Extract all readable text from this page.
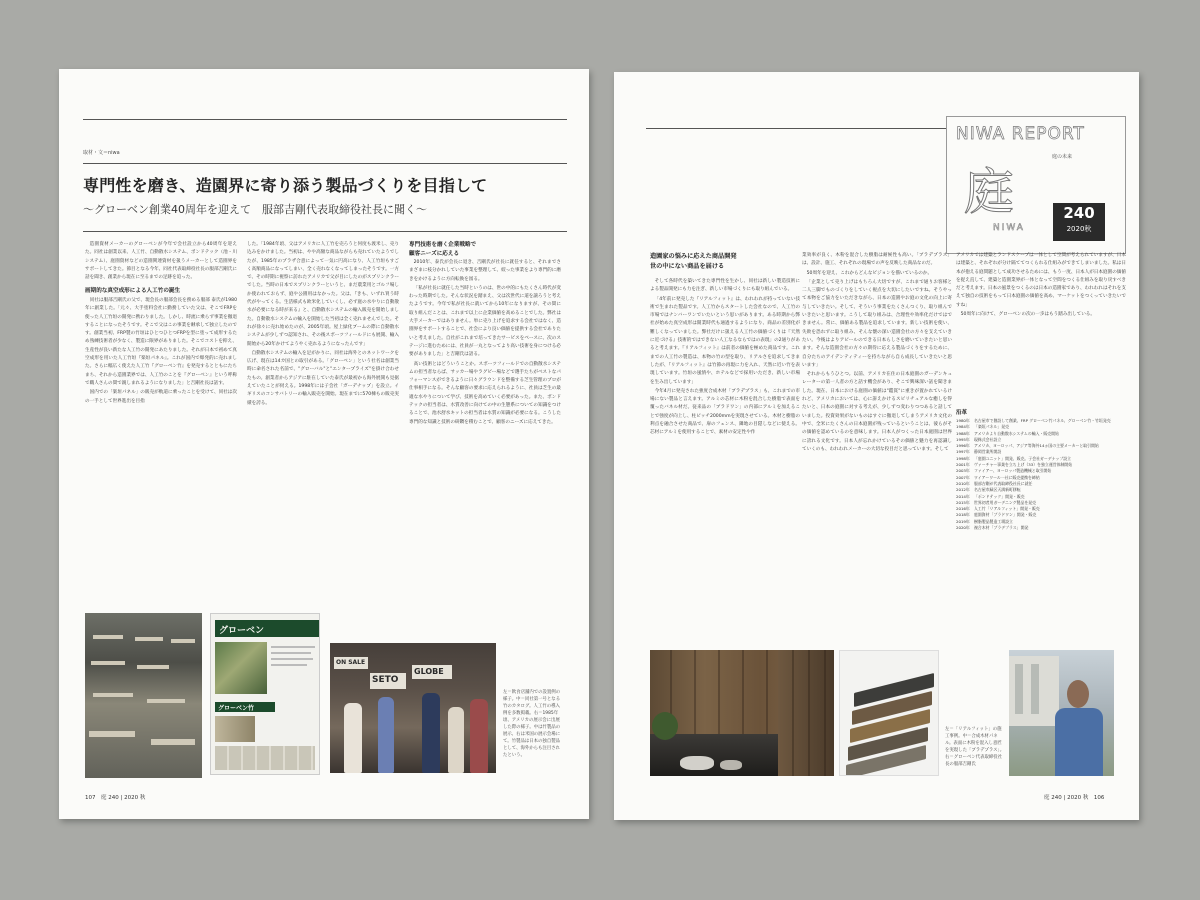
取材・文＝niwa
専門性を磨き、造園界に寄り添う製品づくりを目指して
〜グローベン創業40周年を迎えて　服部吉剛代表取締役社長に聞く〜

造園資材メーカーのグローベンが今年で会社設立から40周年を迎えた。同社は創業以来、人工竹、自動散水システム、ポンドテック（池・川システム）、庭園資材などの造園関連資材を扱うメーカーとして造園界をサポートしてきた。節目となる今年、同社代表取締役社長の服部吉剛氏に話を聞き、創業から現在に至るまでの足跡を追った。

画期的な真空成形による人工竹の誕生

同社は服部吉剛氏の父で、現会長の服部会長を務める服部 泰氏が1980年に創業した。「元々、大手塗料会社に勤務していた父は、そこでFRPを使った人工竹垣の開発に携わりました。しかし、時流に乗らず事業を撤退することになったそうです。そこで父はこの事業を継承して独立したのです。創業当初、FRP製の竹垣はひとつひとつFRPを型に塗って成形するため熟練技術者が少なく、製造に限界がありました。そこでコストを抑え、生産性が良い新たな人工竹の開発にあたりました。それが日本で初めて真空成形を用いた人工竹垣『楽垣パネル』。これが国内で爆発的に売れました。さらに幅広く使えた人工竹『グローベン竹』を発売するとともにたちまち、それから造園業界では、人工竹のことを『グローベン』という呼称で職人さんの間で親しまれるようになりました」と吉剛社長は話す。

国内での「楽垣パネル」の販売が軌道に乗ったことを受けて、同社は次の一手として世界進出を目指

した。「1984年頃、父はアメリカに人工竹を売ろうと何度も渡米し、売り込みをかけました。当初は、やや高額な商品ながらも売れていたようでしたが、1985年のプラザ合意によって一気に円高になり、人工竹垣もすごく高額商品になってしまい、全く売れなくなってしまったそうです。一方で、その時期に視察に訪れたアメリカで父が目にしたのがスプリンクラーでした。当時の日本でスプリンクラーというと、まだ農業用とゴルフ場しか使われておらず、庭や公園用はなかった。父は、『きも、いずれ買う時代がやってくる。生活様式も欧米化していくし、必ず庭の水やりに自動散水が必要になる時が来る』と、自動散水システムの輸入販売を開始しました。自動散水システムの輸入を開始した当初は全く売れませんでした。それが徐々に売れ始めたのが、2005年頃。屋上緑化ブームの際に自動散水システムが少しずつ認知され、その後スポーツフィールドにも展開、輸入開始から20年かけてようやく売れるようになったんです」

自動散水システムの輸入を足がかりに、同社は海外とのネットワークを広げ、現在は14カ国との取引がある。「グローベン」という社名は創業当時に命名された名前で、"グローバル"と"エンタープライズ"を掛け合わせたもの。創業者からアジアに駐在していた泰氏が最初から海外展開も見据えていたことが伺える。1998年には子会社「ガーデナップ」を設立。イギリスのコンサバトリーの輸入販売を開始。現在までに570棟もの販売実績を誇る。

専門技術を磨く企業戦略で
顧客ニーズに応える

2010年、泰氏が会長に退き、吉剛氏が社長に就任すると、それまでさまざまに枝分かれしていた事業を整理して、絞った事業をより専門的に磨きをかけるように方向転換を図る。

「私が社長に就任した当時というのは、世の中的にもたくさん時代が変わった時期でした。そんな状況を踏まえ、父は次世代に道を譲ろうと考えたようです。今年で私が社長に就いてから10年になりますが、その間に取り組んだことは、これまで以上に企業価値を高めることでした。弊社は大手メーカーではありません。単に売り上げを追求する会社ではなく、造園界をサポートすることで、社会により良い価値を提供する会社でありたいと考えました。自社がこれまで培ってきたサービスをベースに、次のステージに進むためには、社員が一丸となってより高い技術を身につける必要がありました」と吉剛氏は語る。

高い技術とはどういうことか。スポーツフィールドでの自動散水システムの担当者ならば、サッカー場やラグビー場などで選手たちがベストなパフォーマンスができるように日々グラウンドを整備する芝生管理のプロが仕事相手になる。そんな顧客の要求に応えられるように、社員は芝生の最適な水やりについて学び、技術を高めていく必要があった。また、ポンドテックの担当者は、水質改善に向けての中の生態系についての知識をつけることで、池水舒水キットの担当者は水質の知識が必要になる。こうした専門的な知識と技術の研鑽を積むことで、顧客のニーズに応えてきた。

グローベン
グローベン竹
ON SALE
SETO
GLOBE
左＝飲食店舗内での設置例の様子。中＝同社第一号となる竹のカタログ。人工竹の導入例を多数掲載。右＝1985年頃、アメリカの展示会に出展した際の様子。中は竹製品の展示、右は米国の展示会場にて。竹製品は日本の独自製品として、海外からも注目されたという。
107　庭 240 | 2020 秋
NIWA REPORT
庭
庭の未来
NIWA
240
2020秋
造園家の悩みに応えた商品開発
世の中にない商品を届ける

そして各時代を築いてきた専門性を生かし、同社は新しい製造技術による製品開発にも力を注ぎ、新しい市場づくりにも取り組んでいる。

「4年前に発売した『リアルフィット』は、われわれが持っていない技術で生まれた製品です。人工竹からスタートした会社なので、人工竹の市場ではナンバーワンでいたいという思いがあります。ある時期から弊社が始めた真空成形は開業時代も通過するようになり、商品の差別化が難しくなっていました。弊社だけに扱える人工竹の価値づくりは『天然に近づける』技術的ではできない人工なるならではの表現」の2通りがあると考えます。『リアルフィット』は前者の価値を極めた商品です。これまでの人工竹の製造は、本物の竹の型を取り、リアルさを追求してきましたが、『リアルフィット』は竹節の再現に力を入れ、天然に近い竹を表現しています。竹垣の風情や、ホテルなどで採用いただき、新しい市場を生み出しています」

今年4月に発売された強度合成木材「ブラデプラス」も、これまでの市場にない製品と言えます。アルミの芯材に木粉を混合した樹脂で表面を覆ったバネル材だ。従来品の「ブラドワン」の内部にアルミを加えることで強度が向上し、柱ピッチ2000mmを実現させている。木材と樹脂の利点を融合させた商品で、扉のフェンス、隣地の目隠しなどに使える。芯材にアルミを使用することで、素材の安定性や作

業効率が良く、木粉を混合した樹脂は耐候性も高い。「ブラデプラス」は、設計、施工、それぞれの現場での声を反映した商品なのだ。

50周年を迎え、これからどんなビジョンを描いているのか。

「企業として売り上げはもちろん大切ですが、これまで通りお客様と二人三脚でものづくりをしていく視点を大切にしたいですね。そうやって本物をご協力をいただきながら、日本の造園やお庭の文化の向上に寄与していきたい。そして、そういう事業をたくさんつくり、取り組んでいきたいと思います。こうして取り組みは、合理性や効率化だけではできません。常に、価値ある製品を追求しています。新しい技術を使い、失敗を恐れずに取り組み、そんな懐の深い造園会社の方々を支えていきたい。今後はよりアピールのできる日本らしさを磨いていきたいと思います。そんな造園会社の方々の期待に応える製品づくりをするために、自分たちのアイデンティティーを持ちながら自ら成長していきたいと思います」

それからもうひとつ。以前、アメリカ在住の日本庭園のガーデンキュレーターの第一人者の方と話す機会があり、そこで興味深い話を聞きました。現在、日本における庭園の価値は"鑑賞"に重きが置かれているけれど、アメリカにおいては、心に訴えかけるスピリチュアルな癒しを得たいと、日本の庭園に対する考えが、少しずつ変わりつつあると話していました。投資効果がないものはすぐに撤退してしまうアメリカ文化の中で、全米にたくさんの日本庭園が残っているということは、彼らがその価値を認めているのを意味します。日本人がつくった日本庭園は世界に誇れる文化です。日本人が忘れかけているその価値と魅力を再認識していくのも、われわれメーカーの大切な役目だと思っています。そして

アメリカでは建築とランドスケープは一体として空間が考えられていますが、日本は建築と、それぞれが分け隔ててつくられる仕組みができてしまいました。私は日本が抱える庭問題として成功させるためには、もう一度、日本人が日本庭園の価値を捉え直して、建築と造園業界が一体となって空間をつくる仕組みを取り戻すべきだと考えます。日本の風景をつくるのは日本の造園家であり、われわれはそれを支えて独自の技術をもって日本庭園の価値を高め、マーケットをつくっていきたいですね」

50周年に向けて、グローベンの次の一歩はもう踏み出している。

沿革
1980年	名古屋市で創設して創業、FRP グローベン竹パネル、グローベン竹・竹垣発売
1984年	「楽垣パネル」発売
1988年	アメリカより自動散水システムの輸入・販売開始
1995年	現株式会社設立
1996年	アメリカ、ヨーロッパ、アジア等海外14ヵ国の主要メーカーと取引開始
1997年	静岡営業所開設
1998年	「庭園ユニット」開発、販売。子会社ガーデナップ設立
2001年	ヴァーチャー事業を立ち上げ（33）を独立運営体制開始
2003年	ファイアー、ヨーロッパ製造機械と取引開始
2007年	ワイアーワール一社に販売提携を締結
2010年	服部吉剛が代表取締役社長に就任
2012年	名古屋市緑区天満新町移転
2014年	「ポンドテック」開発・販売
2015年	世界初者用ガーデニング製品を発売
2016年	人工竹「リアルフィット」開発・販売
2018年	庭園資材「ブラドワン」開発・販売
2019年	樹脂製品製造工場設立
2020年	複合木材「ブラデプラス」開発
左＝「リアルフィット」の施工事例。中＝合成木材パネル。表面に木粉を混入し意匠を実現した「ブラデプラス」。右＝グローベン代表取締役社長の服部吉剛氏
庭 240 | 2020 秋　106
